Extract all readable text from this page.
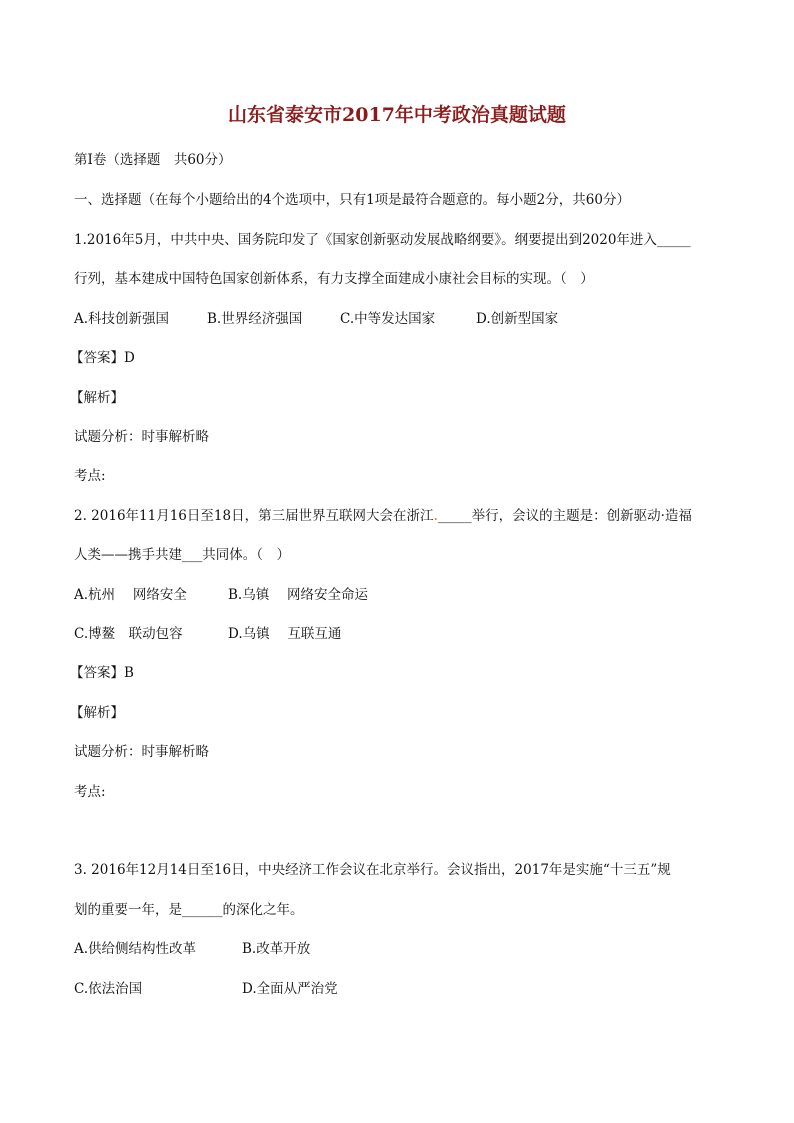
山东省泰安市2017年中考政治真题试题
第Ⅰ卷（选择题　共60分）
一、选择题（在每个小题给出的4个选项中，只有1项是最符合题意的。每小题2分，共60分）
1.2016年5月，中共中央、国务院印发了《国家创新驱动发展战略纲要》。纲要提出到2020年进入_____
行列，基本建成中国特色国家创新体系，有力支撑全面建成小康社会目标的实现。（　）
A.科技创新强国	B.世界经济强国	C.中等发达国家	D.创新型国家
【答案】D
【解析】
试题分析：时事解析略
考点:
2. 2016年11月16日至18日，第三届世界互联网大会在浙江._____举行，会议的主题是：创新驱动·造福
人类——携手共建___共同体。（　）
A.杭州　 网络安全	B.乌镇　 网络安全命运
C.博鳌　联动包容	D.乌镇　 互联互通
【答案】B
【解析】
试题分析：时事解析略
考点:
3. 2016年12月14日至16日，中央经济工作会议在北京举行。会议指出，2017年是实施“十三五”规
划的重要一年，是______的深化之年。
A.供给侧结构性改革	B.改革开放
C.依法治国	D.全面从严治党
